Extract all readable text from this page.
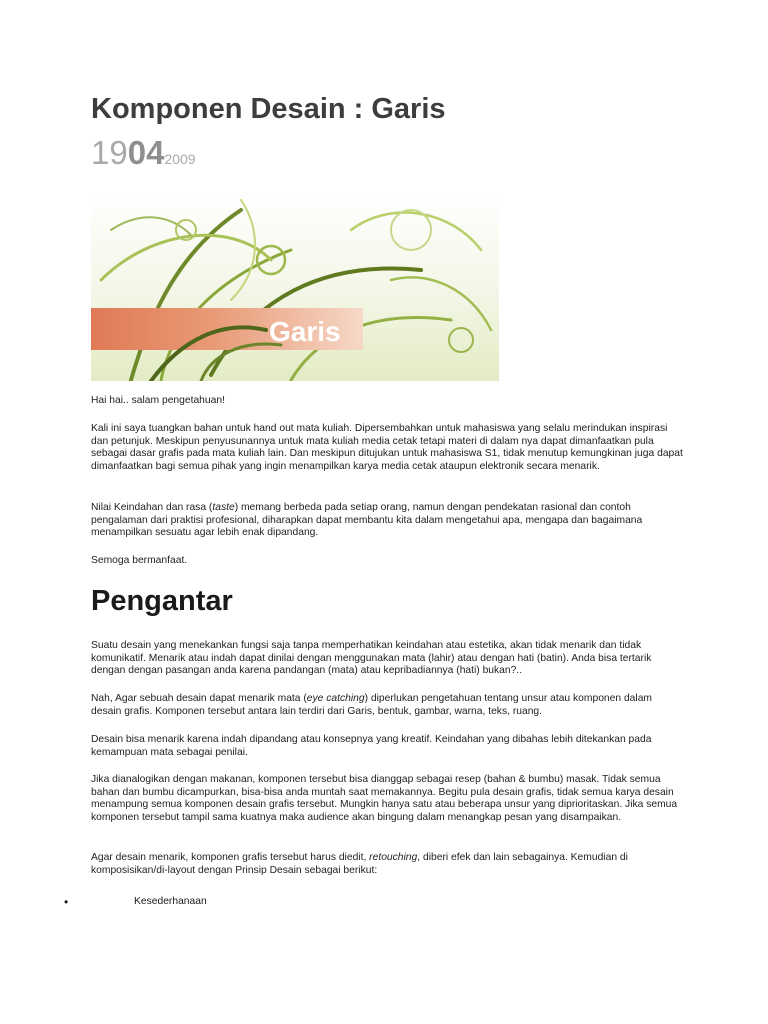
Komponen Desain : Garis
19042009
Garis

Hai hai.. salam pengetahuan!

Kali ini saya tuangkan bahan untuk hand out mata kuliah. Dipersembahkan untuk mahasiswa yang selalu merindukan inspirasi dan petunjuk. Meskipun penyusunannya untuk mata kuliah media cetak tetapi materi di dalam nya dapat dimanfaatkan pula sebagai dasar grafis pada mata kuliah lain. Dan meskipun ditujukan untuk mahasiswa S1, tidak menutup kemungkinan juga dapat dimanfaatkan bagi semua pihak yang ingin menampilkan karya media cetak ataupun elektronik secara menarik.

Nilai Keindahan dan rasa (taste) memang berbeda pada setiap orang, namun dengan pendekatan rasional dan contoh pengalaman dari praktisi profesional, diharapkan dapat membantu kita dalam mengetahui apa, mengapa dan bagaimana menampilkan sesuatu agar lebih enak dipandang.

Semoga bermanfaat.

Pengantar

Suatu desain yang menekankan fungsi saja tanpa memperhatikan keindahan atau estetika, akan tidak menarik dan tidak komunikatif. Menarik atau indah dapat dinilai dengan menggunakan mata (lahir) atau dengan hati (batin). Anda bisa tertarik dengan dengan pasangan anda karena pandangan (mata) atau kepribadiannya (hati) bukan?..

Nah, Agar sebuah desain dapat menarik mata (eye catching) diperlukan pengetahuan tentang unsur atau komponen dalam desain grafis. Komponen tersebut antara lain terdiri dari Garis, bentuk, gambar, warna, teks, ruang.

Desain bisa menarik karena indah dipandang atau konsepnya yang kreatif. Keindahan yang dibahas lebih ditekankan pada kemampuan mata sebagai penilai.

Jika dianalogikan dengan makanan, komponen tersebut bisa dianggap sebagai resep (bahan & bumbu) masak. Tidak semua bahan dan bumbu dicampurkan, bisa-bisa anda muntah saat memakannya. Begitu pula desain grafis, tidak semua karya desain menampung semua komponen desain grafis tersebut. Mungkin hanya satu atau beberapa unsur yang diprioritaskan. Jika semua komponen tersebut tampil sama kuatnya maka audience akan bingung dalam menangkap pesan yang disampaikan.

Agar desain menarik, komponen grafis tersebut harus diedit, retouching, diberi efek dan lain sebagainya. Kemudian di komposisikan/di-layout dengan Prinsip Desain sebagai berikut:

•	Kesederhanaan
